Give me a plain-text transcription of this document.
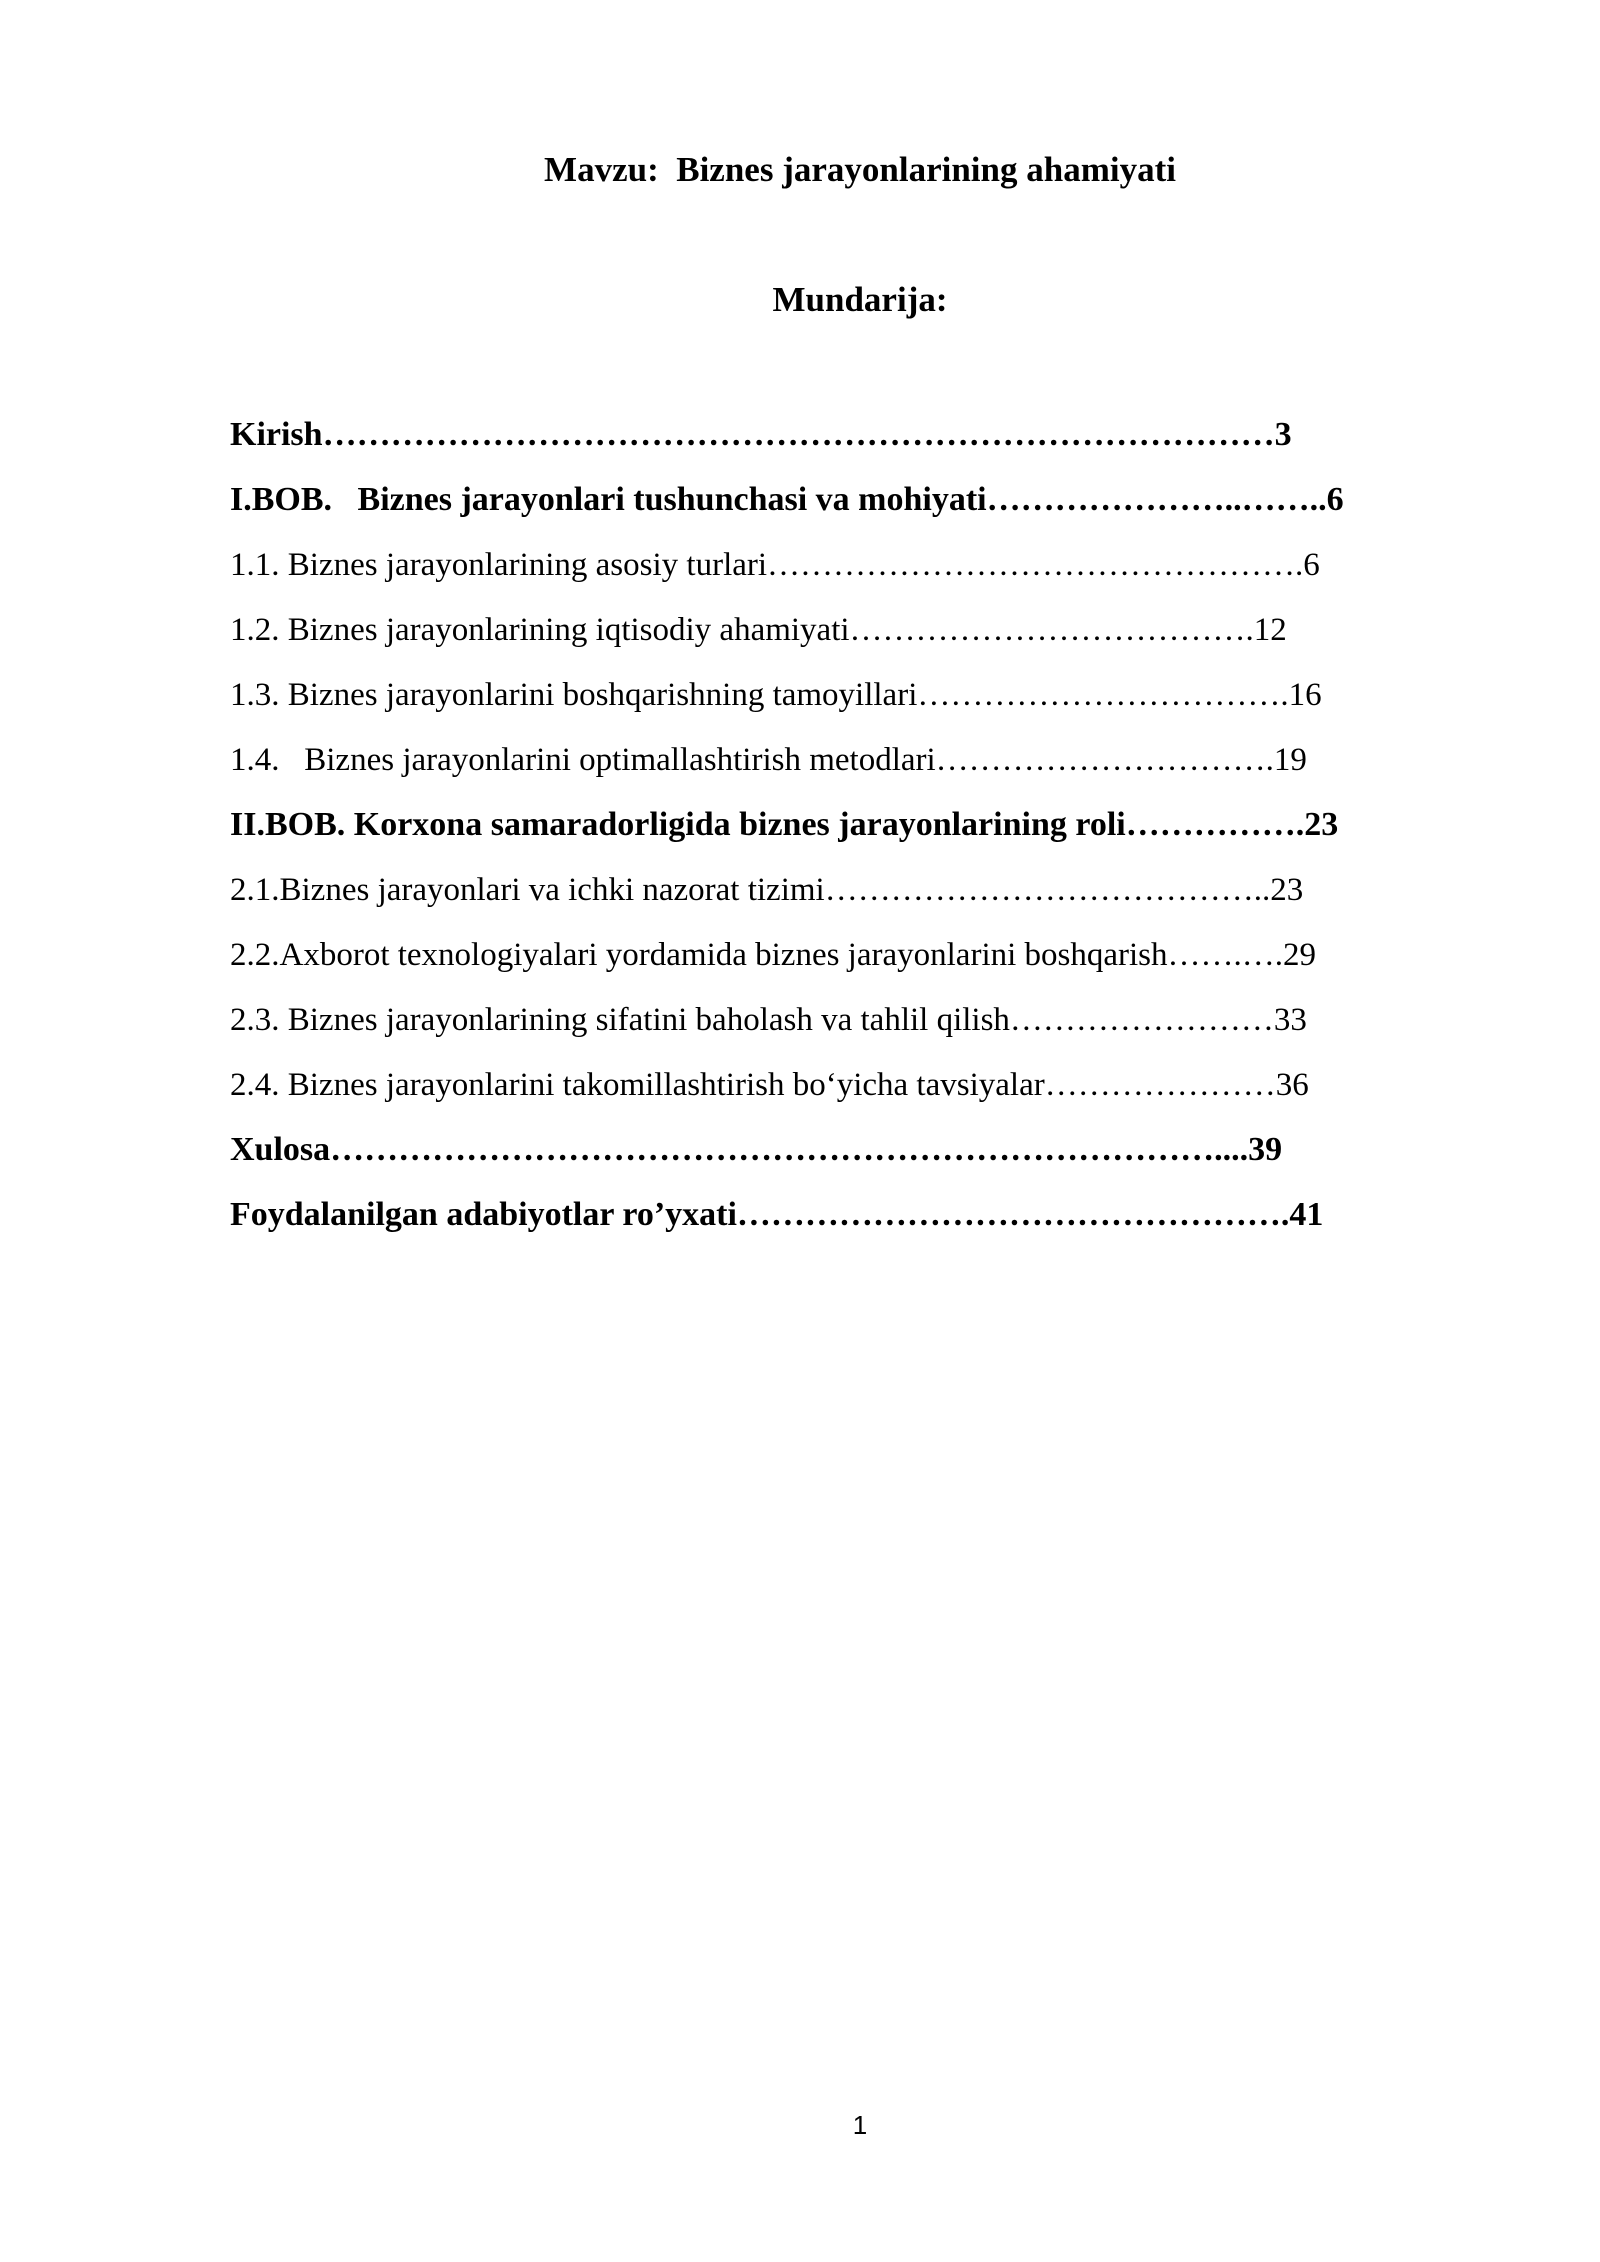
Mavzu:  Biznes jarayonlarining ahamiyati
Mundarija:
Kirish…………………………………………………………………………3
I.BOB.   Biznes jarayonlari tushunchasi va mohiyati…………………..……..6
1.1. Biznes jarayonlarining asosiy turlari………………………………………….6
1.2. Biznes jarayonlarining iqtisodiy ahamiyati……………………………….12
1.3. Biznes jarayonlarini boshqarishning tamoyillari…………………………….16
1.4.   Biznes jarayonlarini optimallashtirish metodlari………………………….19
II.BOB. Korxona samaradorligida biznes jarayonlarining roli…………….23
2.1.Biznes jarayonlari va ichki nazorat tizimi…………………………………..23
2.2.Axborot texnologiyalari yordamida biznes jarayonlarini boshqarish…….….29
2.3. Biznes jarayonlarining sifatini baholash va tahlil qilish……………………33
2.4. Biznes jarayonlarini takomillashtirish bo‘yicha tavsiyalar…………………36
Xulosa……………………………………………………………………....39
Foydalanilgan adabiyotlar ro’yxati………………………………………….41
1
